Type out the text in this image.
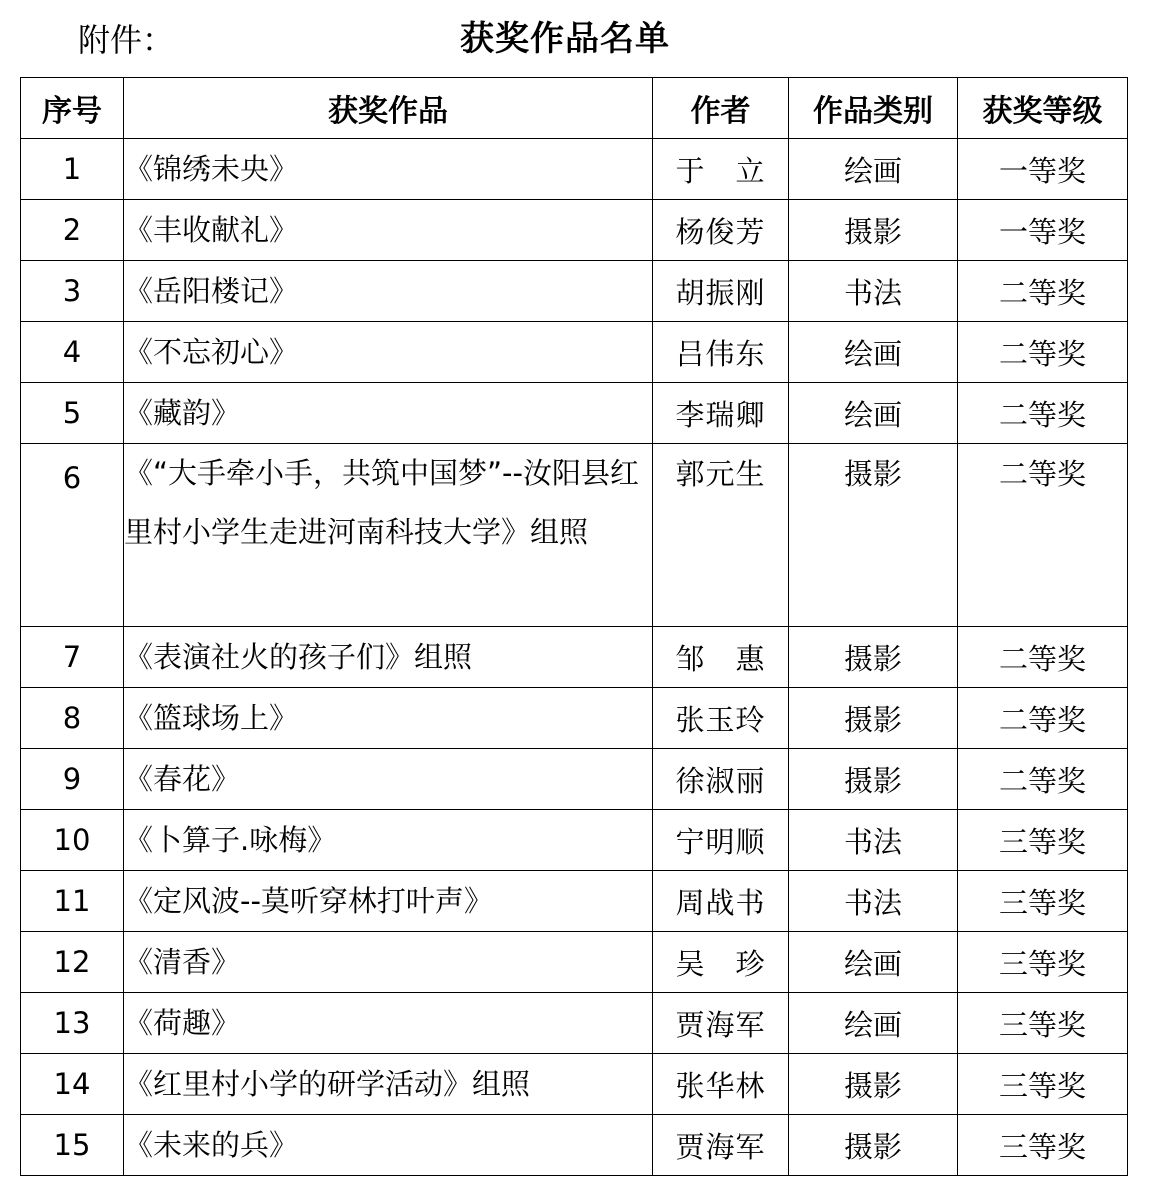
附件：	获奖作品名单
序号	获奖作品	作者	作品类别	获奖等级
1	《锦绣未央》	于　立	绘画	一等奖
2	《丰收献礼》	杨俊芳	摄影	一等奖
3	《岳阳楼记》	胡振刚	书法	二等奖
4	《不忘初心》	吕伟东	绘画	二等奖
5	《藏韵》	李瑞卿	绘画	二等奖
6	《“大手牵小手，共筑中国梦”--汝阳县红里村小学生走进河南科技大学》组照	郭元生	摄影	二等奖
7	《表演社火的孩子们》组照	邹　惠	摄影	二等奖
8	《篮球场上》	张玉玲	摄影	二等奖
9	《春花》	徐淑丽	摄影	二等奖
10	《卜算子.咏梅》	宁明顺	书法	三等奖
11	《定风波--莫听穿林打叶声》	周战书	书法	三等奖
12	《清香》	吴　珍	绘画	三等奖
13	《荷趣》	贾海军	绘画	三等奖
14	《红里村小学的研学活动》组照	张华林	摄影	三等奖
15	《未来的兵》	贾海军	摄影	三等奖
